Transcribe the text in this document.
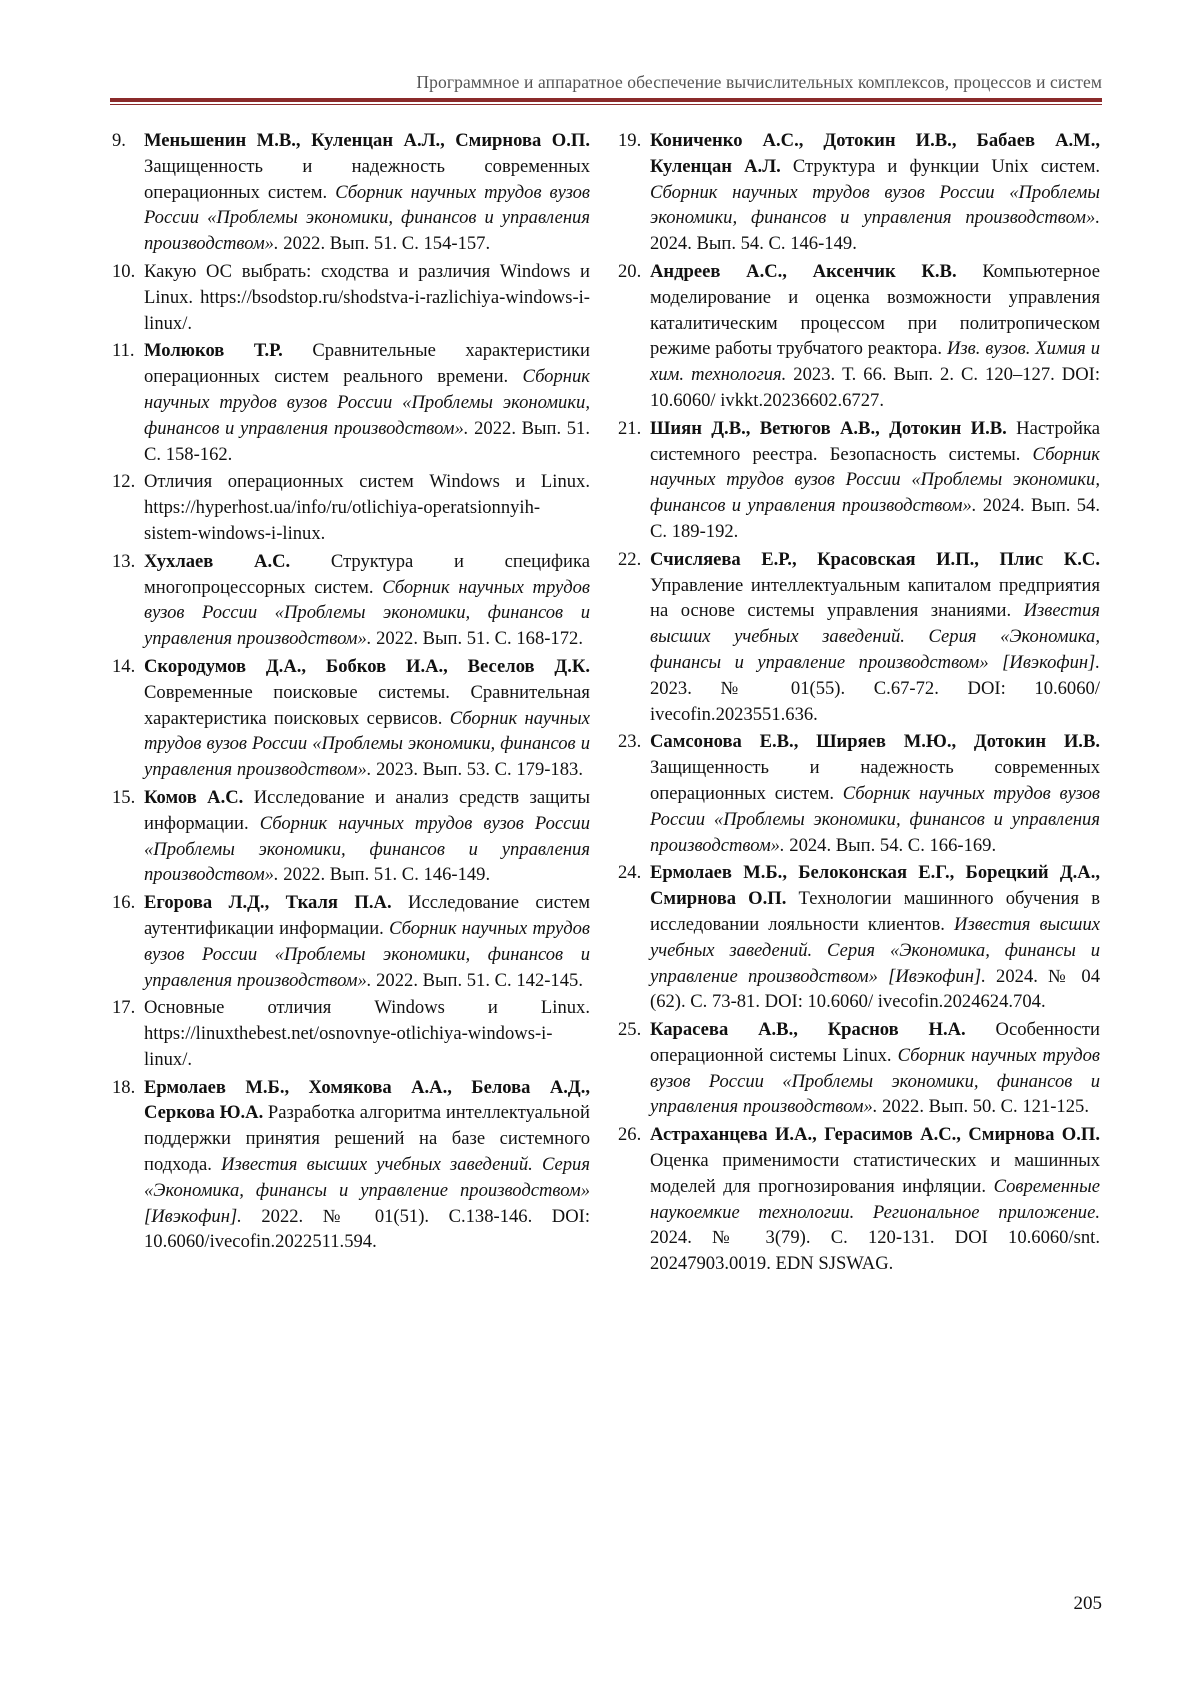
Программное и аппаратное обеспечение вычислительных комплексов, процессов и систем
9. Меньшенин М.В., Куленцан А.Л., Смирнова О.П. Защищенность и надежность современных операционных систем. Сборник научных трудов вузов России «Проблемы экономики, финансов и управления производством». 2022. Вып. 51. С. 154-157.
10. Какую ОС выбрать: сходства и различия Windows и Linux. https://bsodstop.ru/shodstva-i-razlichiya-windows-i-linux/.
11. Молюков Т.Р. Сравнительные характеристики операционных систем реального времени. Сборник научных трудов вузов России «Проблемы экономики, финансов и управления производством». 2022. Вып. 51. С. 158-162.
12. Отличия операционных систем Windows и Linux. https://hyperhost.ua/info/ru/otlichiya-operatsionnyih-sistem-windows-i-linux.
13. Хухлаев А.С. Структура и специфика многопроцессорных систем. Сборник научных трудов вузов России «Проблемы экономики, финансов и управления производством». 2022. Вып. 51. С. 168-172.
14. Скородумов Д.А., Бобков И.А., Веселов Д.К. Современные поисковые системы. Сравнительная характеристика поисковых сервисов. Сборник научных трудов вузов России «Проблемы экономики, финансов и управления производством». 2023. Вып. 53. С. 179-183.
15. Комов А.С. Исследование и анализ средств защиты информации. Сборник научных трудов вузов России «Проблемы экономики, финансов и управления производством». 2022. Вып. 51. С. 146-149.
16. Егорова Л.Д., Ткаля П.А. Исследование систем аутентификации информации. Сборник научных трудов вузов России «Проблемы экономики, финансов и управления производством». 2022. Вып. 51. С. 142-145.
17. Основные отличия Windows и Linux. https://linuxthebest.net/osnovnye-otlichiya-windows-i-linux/.
18. Ермолаев М.Б., Хомякова А.А., Белова А.Д., Серкова Ю.А. Разработка алгоритма интеллектуальной поддержки принятия решений на базе системного подхода. Известия высших учебных заведений. Серия «Экономика, финансы и управление производством» [Ивэкофин]. 2022. № 01(51). С.138-146. DOI: 10.6060/ivecofin.2022511.594.
19. Кониченко А.С., Дотокин И.В., Бабаев А.М., Куленцан А.Л. Структура и функции Unix систем. Сборник научных трудов вузов России «Проблемы экономики, финансов и управления производством». 2024. Вып. 54. С. 146-149.
20. Андреев А.С., Аксенчик К.В. Компьютерное моделирование и оценка возможности управления каталитическим процессом при политропическом режиме работы трубчатого реактора. Изв. вузов. Химия и хим. технология. 2023. Т. 66. Вып. 2. С. 120–127. DOI: 10.6060/ ivkkt.20236602.6727.
21. Шиян Д.В., Ветюгов А.В., Дотокин И.В. Настройка системного реестра. Безопасность системы. Сборник научных трудов вузов России «Проблемы экономики, финансов и управления производством». 2024. Вып. 54. С. 189-192.
22. Счисляева Е.Р., Красовская И.П., Плис К.С. Управление интеллектуальным капиталом предприятия на основе системы управления знаниями. Известия высших учебных заведений. Серия «Экономика, финансы и управление производством» [Ивэкофин]. 2023. № 01(55). С.67-72. DOI: 10.6060/ ivecofin.2023551.636.
23. Самсонова Е.В., Ширяев М.Ю., Дотокин И.В. Защищенность и надежность современных операционных систем. Сборник научных трудов вузов России «Проблемы экономики, финансов и управления производством». 2024. Вып. 54. С. 166-169.
24. Ермолаев М.Б., Белоконская Е.Г., Борецкий Д.А., Смирнова О.П. Технологии машинного обучения в исследовании лояльности клиентов. Известия высших учебных заведений. Серия «Экономика, финансы и управление производством» [Ивэкофин]. 2024. № 04 (62). С. 73-81. DOI: 10.6060/ ivecofin.2024624.704.
25. Карасева А.В., Краснов Н.А. Особенности операционной системы Linux. Сборник научных трудов вузов России «Проблемы экономики, финансов и управления производством». 2022. Вып. 50. С. 121-125.
26. Астраханцева И.А., Герасимов А.С., Смирнова О.П. Оценка применимости статистических и машинных моделей для прогнозирования инфляции. Современные наукоемкие технологии. Региональное приложение. 2024. № 3(79). С. 120-131. DOI 10.6060/snt. 20247903.0019. EDN SJSWAG.
205
